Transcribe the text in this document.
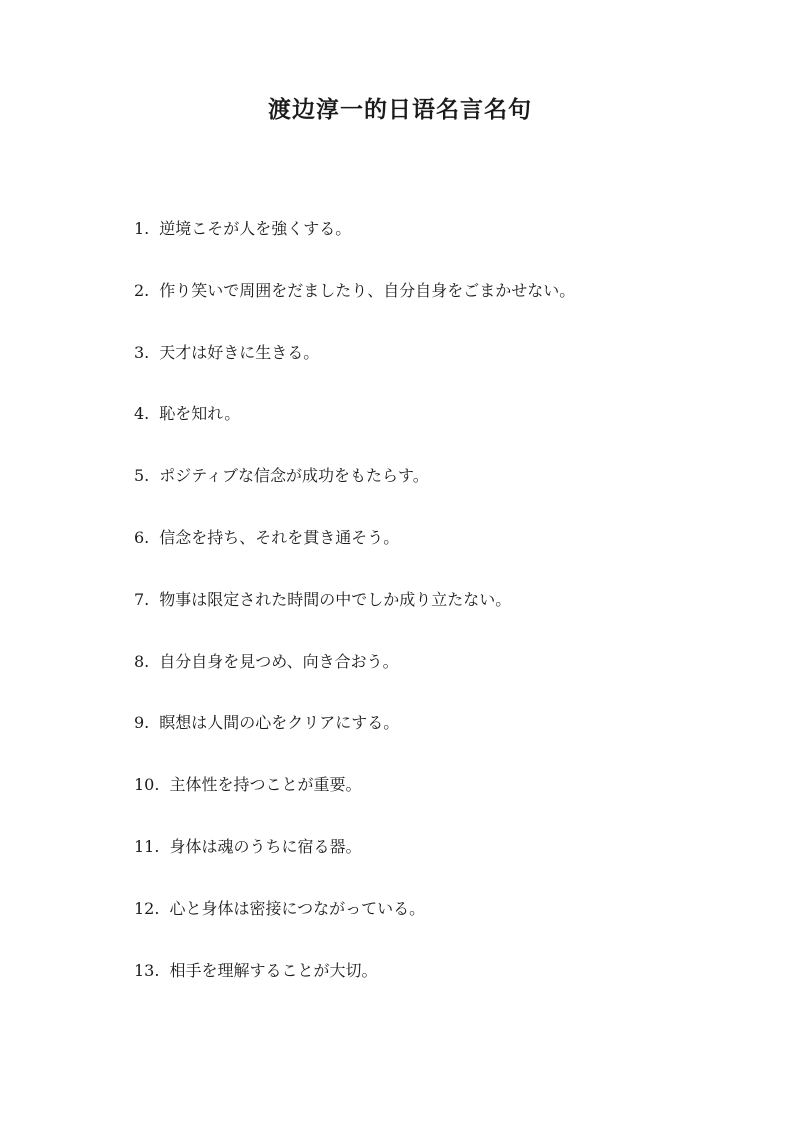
渡边淳一的日语名言名句
1. 逆境こそが人を強くする。
2. 作り笑いで周囲をだましたり、自分自身をごまかせない。
3. 天才は好きに生きる。
4. 恥を知れ。
5. ポジティブな信念が成功をもたらす。
6. 信念を持ち、それを貫き通そう。
7. 物事は限定された時間の中でしか成り立たない。
8. 自分自身を見つめ、向き合おう。
9. 瞑想は人間の心をクリアにする。
10. 主体性を持つことが重要。
11. 身体は魂のうちに宿る器。
12. 心と身体は密接につながっている。
13. 相手を理解することが大切。
